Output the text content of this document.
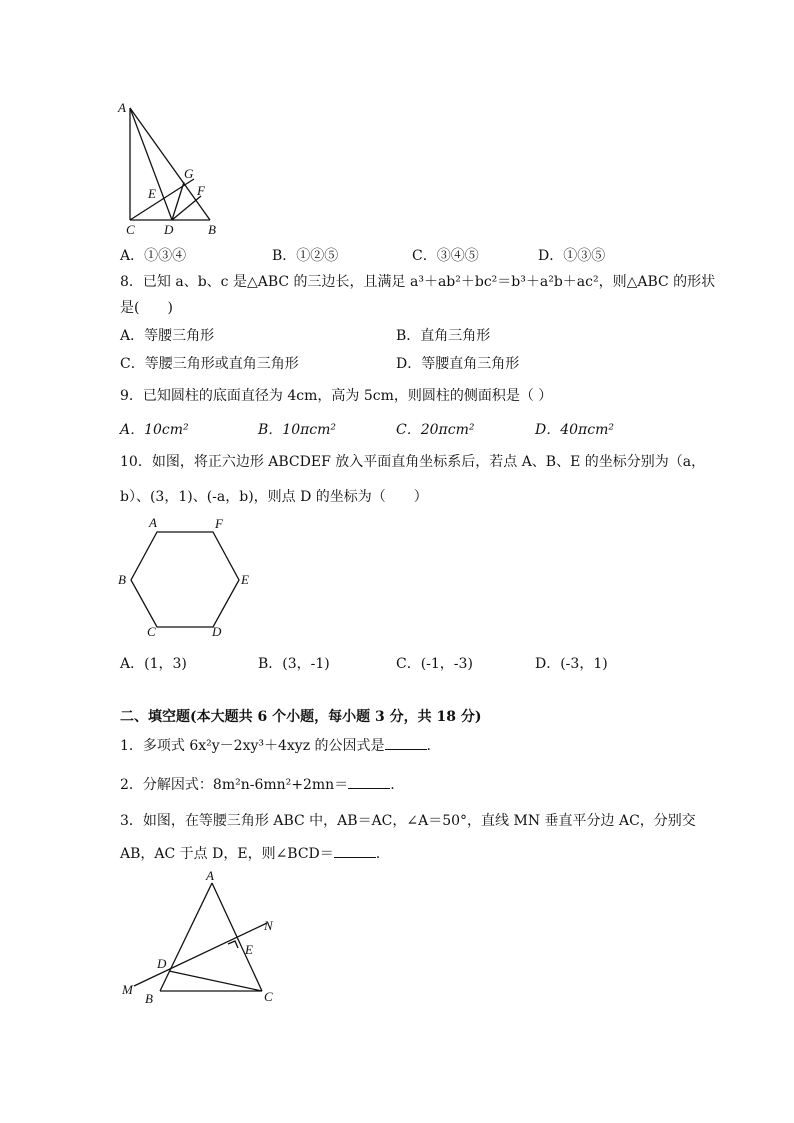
A
C D	B
E	F
G
A．①③④	B．①②⑤	C．③④⑤	D．①③⑤
8．已知 a、b、c 是△ABC 的三边长，且满足 a³＋ab²＋bc²＝b³＋a²b＋ac²，则△ABC 的形状
是(　　)
A．等腰三角形	B．直角三角形
C．等腰三角形或直角三角形	D．等腰直角三角形
9．已知圆柱的底面直径为 4cm，高为 5cm，则圆柱的侧面积是（ ）
A．10cm²	B．10πcm²	C．20πcm²	D．40πcm²
10．如图，将正六边形 ABCDEF 放入平面直角坐标系后，若点 A、B、E 的坐标分别为（a，
b）、(3，1)、(-a，b)，则点 D 的坐标为（　　）
A	F
B	E
C	D
A．(1，3)	B．(3，-1)	C．(-1，-3)	D．(-3，1)
二、填空题(本大题共 6 个小题，每小题 3 分，共 18 分)
1．多项式 6x²y－2xy³＋4xyz 的公因式是	.
2．分解因式：8m²n-6mn²+2mn＝	.
3．如图，在等腰三角形 ABC 中，AB＝AC，∠A＝50°，直线 MN 垂直平分边 AC，分别交
AB，AC 于点 D，E，则∠BCD＝	.
A
N
E
D
M
B	C
